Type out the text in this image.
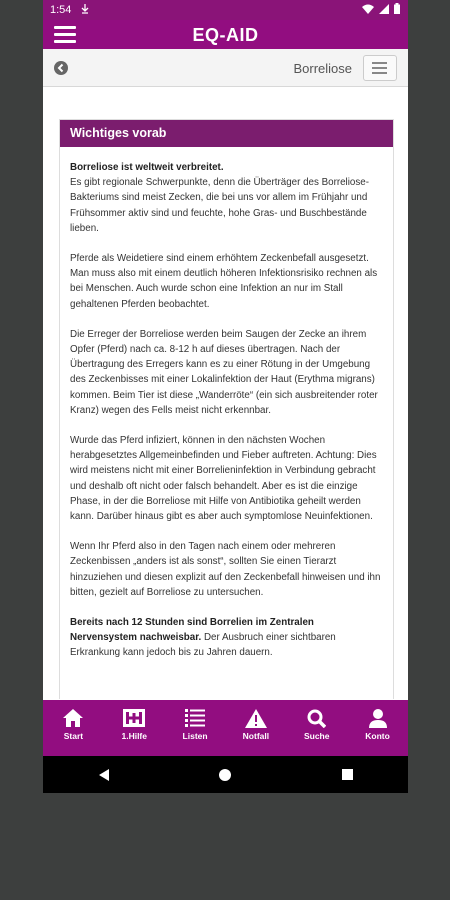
1:54
EQ-AID
Borreliose
Wichtiges vorab

Borreliose ist weltweit verbreitet.
Es gibt regionale Schwerpunkte, denn die Überträger des Borreliose-Bakteriums sind meist Zecken, die bei uns vor allem im Frühjahr und Frühsommer aktiv sind und feuchte, hohe Gras- und Buschbestände lieben.

Pferde als Weidetiere sind einem erhöhtem Zeckenbefall ausgesetzt. Man muss also mit einem deutlich höheren Infektionsrisiko rechnen als bei Menschen. Auch wurde schon eine Infektion an nur im Stall gehaltenen Pferden beobachtet.

Die Erreger der Borreliose werden beim Saugen der Zecke an ihrem Opfer (Pferd) nach ca. 8-12 h auf dieses übertragen. Nach der Übertragung des Erregers kann es zu einer Rötung in der Umgebung des Zeckenbisses mit einer Lokalinfektion der Haut (Erythma migrans) kommen. Beim Tier ist diese „Wanderröte“ (ein sich ausbreitender roter Kranz) wegen des Fells meist nicht erkennbar.

Wurde das Pferd infiziert, können in den nächsten Wochen herabgesetztes Allgemeinbefinden und Fieber auftreten. Achtung: Dies wird meistens nicht mit einer Borrelieninfektion in Verbindung gebracht und deshalb oft nicht oder falsch behandelt. Aber es ist die einzige Phase, in der die Borreliose mit Hilfe von Antibiotika geheilt werden kann. Darüber hinaus gibt es aber auch symptomlose Neuinfektionen.

Wenn Ihr Pferd also in den Tagen nach einem oder mehreren Zeckenbissen „anders ist als sonst“, sollten Sie einen Tierarzt hinzuziehen und diesen explizit auf den Zeckenbefall hinweisen und ihn bitten, gezielt auf Borreliose zu untersuchen.

Bereits nach 12 Stunden sind Borrelien im Zentralen Nervensystem nachweisbar. Der Ausbruch einer sichtbaren Erkrankung kann jedoch bis zu Jahren dauern.

Start	1.Hilfe	Listen	Notfall	Suche	Konto
